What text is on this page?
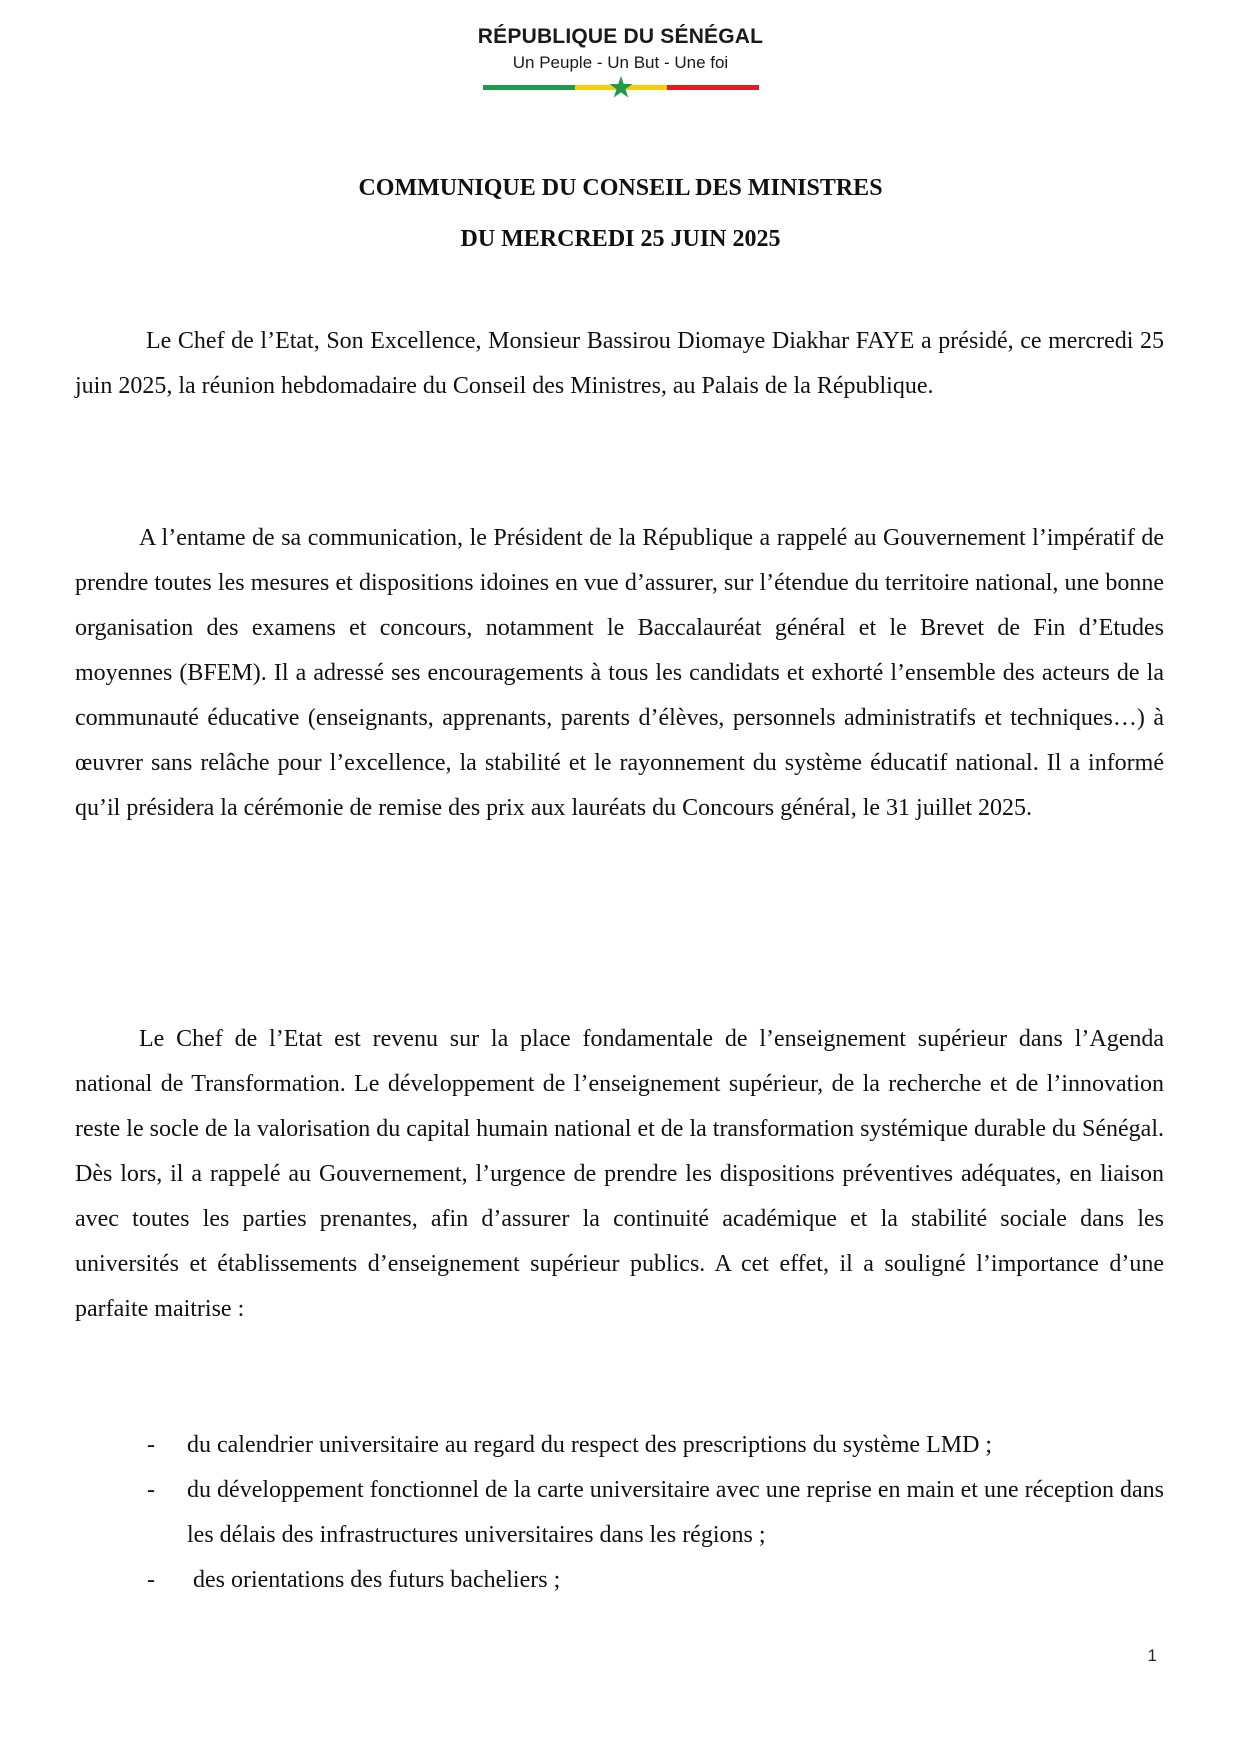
RÉPUBLIQUE DU SÉNÉGAL
Un Peuple - Un But - Une foi
COMMUNIQUE DU CONSEIL DES MINISTRES
DU MERCREDI 25 JUIN 2025

Le Chef de l’Etat, Son Excellence, Monsieur Bassirou Diomaye Diakhar FAYE a présidé, ce mercredi 25 juin 2025, la réunion hebdomadaire du Conseil des Ministres, au Palais de la République.

A l’entame de sa communication, le Président de la République a rappelé au Gouvernement l’impératif de prendre toutes les mesures et dispositions idoines en vue d’assurer, sur l’étendue du territoire national, une bonne organisation des examens et concours, notamment le Baccalauréat général et le Brevet de Fin d’Etudes moyennes (BFEM). Il a adressé ses encouragements à tous les candidats et exhorté l’ensemble des acteurs de la communauté éducative (enseignants, apprenants, parents d’élèves, personnels administratifs et techniques…) à œuvrer sans relâche pour l’excellence, la stabilité et le rayonnement du système éducatif national. Il a informé qu’il présidera la cérémonie de remise des prix aux lauréats du Concours général, le 31 juillet 2025.

Le Chef de l’Etat est revenu sur la place fondamentale de l’enseignement supérieur dans l’Agenda national de Transformation. Le développement de l’enseignement supérieur, de la recherche et de l’innovation reste le socle de la valorisation du capital humain national et de la transformation systémique durable du Sénégal. Dès lors, il a rappelé au Gouvernement, l’urgence de prendre les dispositions préventives adéquates, en liaison avec toutes les parties prenantes, afin d’assurer la continuité académique et la stabilité sociale dans les universités et établissements d’enseignement supérieur publics. A cet effet, il a souligné l’importance d’une parfaite maitrise :

- du calendrier universitaire au regard du respect des prescriptions du système LMD ;
- du développement fonctionnel de la carte universitaire avec une reprise en main et une réception dans les délais des infrastructures universitaires dans les régions ;
- des orientations des futurs bacheliers ;
1
